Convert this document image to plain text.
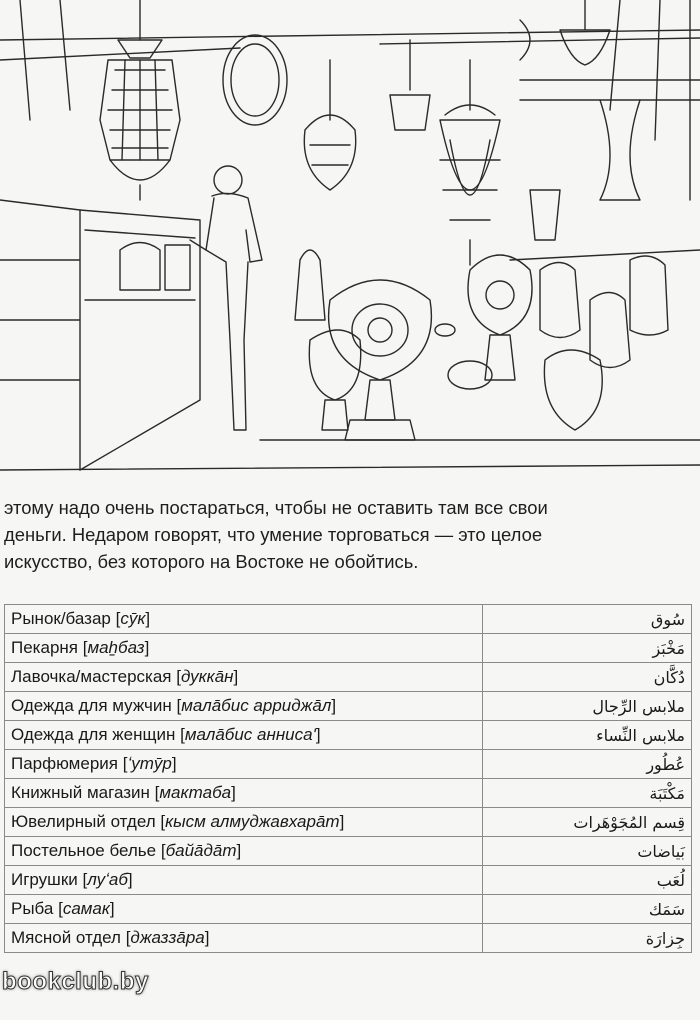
этому надо очень постараться, чтобы не оставить там все свои
деньги. Недаром говорят, что умение торговаться — это целое
искусство, без которого на Востоке не обойтись.
Рынок/базар [сӯк]	سُوق
Пекарня [маẖбаз]	مَخْبَز
Лавочка/мастерская [дуккāн]	دُكَّان
Одежда для мужчин [малāбис арриджāл]	ملابس الرِّجال
Одежда для женщин [малāбис анниса']	ملابس النِّساء
Парфюмерия [ʻутӯр]	عُطُور
Книжный магазин [мактаба]	مَكْتَبَة
Ювелирный отдел [кысм алмуджавхарāт]	قِسم المُجَوْهَرات
Постельное белье [байāдāт]	بَياضات
Игрушки [луʻаб]	لُعَب
Рыба [самак]	سَمَك
Мясной отдел [джаззāра]	جِزارَة
bookclub.by
